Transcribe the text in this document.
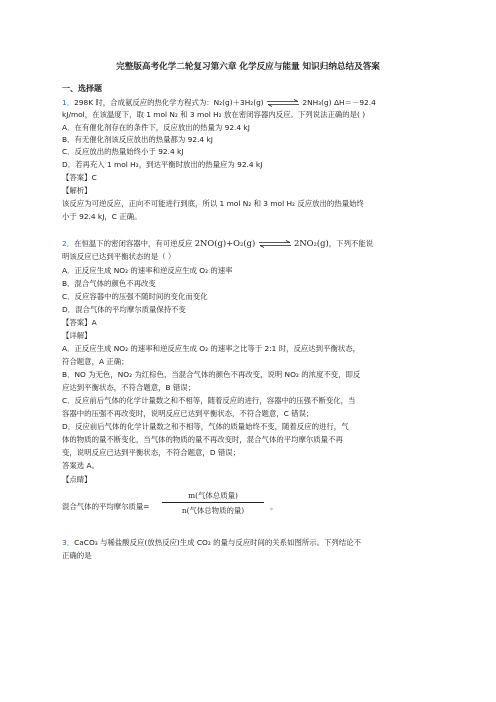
完整版高考化学二轮复习第六章 化学反应与能量 知识归纳总结及答案
一、选择题
1．298K 时，合成氨反应的热化学方程式为：N₂(g)＋3H₂(g)	2NH₃(g) ΔH＝－92.4
kJ/mol，在该温度下，取 1 mol N₂ 和 3 mol H₂ 放在密闭容器内反应。下列说法正确的是( )
A．在有催化剂存在的条件下，反应放出的热量为 92.4 kJ
B．有无催化剂该反应放出的热量都为 92.4 kJ
C．反应放出的热量始终小于 92.4 kJ
D．若再充入 1 mol H₂，到达平衡时放出的热量应为 92.4 kJ
【答案】C
【解析】
该反应为可逆反应，正向不可能进行到底，所以 1 mol N₂ 和 3 mol H₂ 反应放出的热量始终
小于 92.4 kJ，C 正确。
2．在恒温下的密闭容器中，有可逆反应 2NO(g)+O₂(g)	2NO₂(g)，下列不能说
明该反应已达到平衡状态的是（ ）
A．正反应生成 NO₂ 的速率和逆反应生成 O₂ 的速率
B．混合气体的颜色不再改变
C．反应容器中的压强不随时间的变化而变化
D．混合气体的平均摩尔质量保持不变
【答案】A
【详解】
A．正反应生成 NO₂ 的速率和逆反应生成 O₂ 的速率之比等于 2:1 时，反应达到平衡状态，
符合题意，A 正确；
B．NO 为无色，NO₂ 为红棕色，当混合气体的颜色不再改变，说明 NO₂ 的浓度不变，即反
应达到平衡状态，不符合题意，B 错误；
C．反应前后气体的化学计量数之和不相等，随着反应的进行，容器中的压强不断变化，当
容器中的压强不再改变时，说明反应已达到平衡状态，不符合题意，C 错误；
D．反应前后气体的化学计量数之和不相等，气体的质量始终不变，随着反应的进行，气
体的物质的量不断变化，当气体的物质的量不再改变时，混合气体的平均摩尔质量不再
变，说明反应已达到平衡状态，不符合题意，D 错误；
答案选 A。
【点睛】
混合气体的平均摩尔质量=
m(气体总质量)
n(气体总物质的量)	。
3．CaCO₃ 与稀盐酸反应(放热反应)生成 CO₂ 的量与反应时间的关系如图所示。下列结论不
正确的是
